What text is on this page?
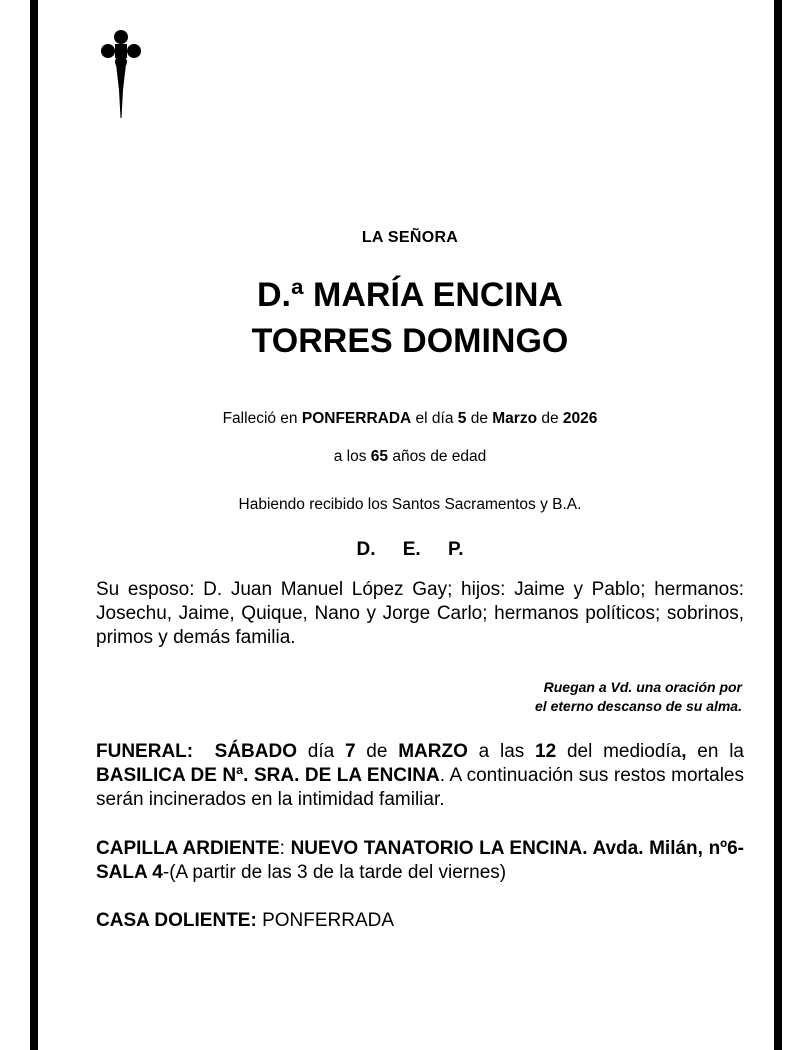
LA SEÑORA

D.ª MARÍA ENCINA
TORRES DOMINGO

Falleció en PONFERRADA el día 5 de Marzo de 2026

a los 65 años de edad

Habiendo recibido los Santos Sacramentos y B.A.

D. E. P.

Su esposo: D. Juan Manuel López Gay; hijos: Jaime y Pablo; hermanos: Josechu, Jaime, Quique, Nano y Jorge Carlo; hermanos políticos; sobrinos, primos y demás familia.

Ruegan a Vd. una oración por
el eterno descanso de su alma.

FUNERAL: SÁBADO día 7 de MARZO a las 12 del mediodía, en la BASILICA DE Nª. SRA. DE LA ENCINA. A continuación sus restos mortales serán incinerados en la intimidad familiar.

CAPILLA ARDIENTE: NUEVO TANATORIO LA ENCINA. Avda. Milán, nº6- SALA 4-(A partir de las 3 de la tarde del viernes)

CASA DOLIENTE: PONFERRADA
